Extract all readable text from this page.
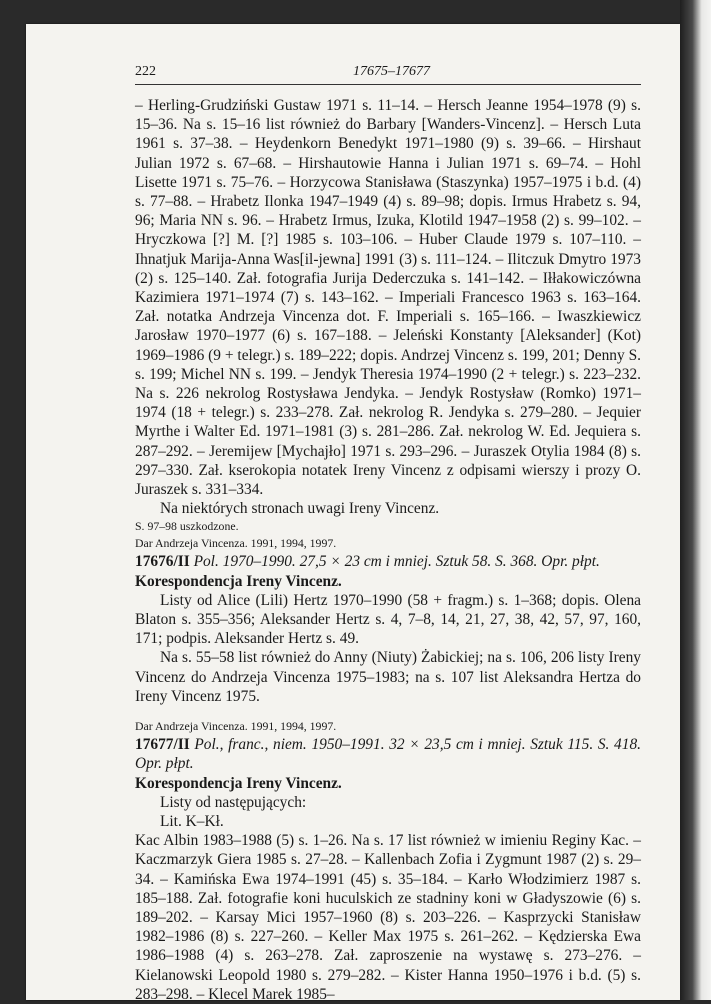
222	17675–17677

– Herling-Grudziński Gustaw 1971 s. 11–14. – Hersch Jeanne 1954–1978 (9) s. 15–36. Na s. 15–16 list również do Barbary [Wanders-Vincenz]. – Hersch Luta 1961 s. 37–38. – Heydenkorn Benedykt 1971–1980 (9) s. 39–66. – Hirshaut Julian 1972 s. 67–68. – Hirshautowie Hanna i Julian 1971 s. 69–74. – Hohl Lisette 1971 s. 75–76. – Horzycowa Stanisława (Staszynka) 1957–1975 i b.d. (4) s. 77–88. – Hrabetz Ilonka 1947–1949 (4) s. 89–98; dopis. Irmus Hrabetz s. 94, 96; Maria NN s. 96. – Hrabetz Irmus, Izuka, Klotild 1947–1958 (2) s. 99–102. – Hryczkowa [?] M. [?] 1985 s. 103–106. – Huber Claude 1979 s. 107–110. – Ihnatjuk Marija-Anna Was[il-jewna] 1991 (3) s. 111–124. – Ilitczuk Dmytro 1973 (2) s. 125–140. Zał. fotografia Jurija Dederczuka s. 141–142. – Iłłakowiczówna Kazimiera 1971–1974 (7) s. 143–162. – Imperiali Francesco 1963 s. 163–164. Zał. notatka Andrzeja Vincenza dot. F. Imperiali s. 165–166. – Iwaszkiewicz Jarosław 1970–1977 (6) s. 167–188. – Jeleński Konstanty [Aleksander] (Kot) 1969–1986 (9 + telegr.) s. 189–222; dopis. Andrzej Vincenz s. 199, 201; Denny S. s. 199; Michel NN s. 199. – Jendyk Theresia 1974–1990 (2 + telegr.) s. 223–232. Na s. 226 nekrolog Rostysława Jendyka. – Jendyk Rostysław (Romko) 1971–1974 (18 + telegr.) s. 233–278. Zał. nekrolog R. Jendyka s. 279–280. – Jequier Myrthe i Walter Ed. 1971–1981 (3) s. 281–286. Zał. nekrolog W. Ed. Jequiera s. 287–292. – Jeremijew [Mychajło] 1971 s. 293–296. – Juraszek Otylia 1984 (8) s. 297–330. Zał. kserokopia notatek Ireny Vincenz z odpisami wierszy i prozy O. Juraszek s. 331–334.

Na niektórych stronach uwagi Ireny Vincenz.

S. 97–98 uszkodzone.

Dar Andrzeja Vincenza. 1991, 1994, 1997.

17676/II Pol. 1970–1990. 27,5 × 23 cm i mniej. Sztuk 58. S. 368. Opr. płpt.

Korespondencja Ireny Vincenz.

Listy od Alice (Lili) Hertz 1970–1990 (58 + fragm.) s. 1–368; dopis. Olena Blaton s. 355–356; Aleksander Hertz s. 4, 7–8, 14, 21, 27, 38, 42, 57, 97, 160, 171; podpis. Aleksander Hertz s. 49.

Na s. 55–58 list również do Anny (Niuty) Żabickiej; na s. 106, 206 listy Ireny Vincenz do Andrzeja Vincenza 1975–1983; na s. 107 list Aleksandra Hertza do Ireny Vincenz 1975.

Dar Andrzeja Vincenza. 1991, 1994, 1997.

17677/II Pol., franc., niem. 1950–1991. 32 × 23,5 cm i mniej. Sztuk 115. S. 418. Opr. płpt.

Korespondencja Ireny Vincenz.

Listy od następujących:

Lit. K–Kł.

Kac Albin 1983–1988 (5) s. 1–26. Na s. 17 list również w imieniu Reginy Kac. – Kaczmarzyk Giera 1985 s. 27–28. – Kallenbach Zofia i Zygmunt 1987 (2) s. 29–34. – Kamińska Ewa 1974–1991 (45) s. 35–184. – Karło Włodzimierz 1987 s. 185–188. Zał. fotografie koni huculskich ze stadniny koni w Gładyszowie (6) s. 189–202. – Karsay Mici 1957–1960 (8) s. 203–226. – Kasprzycki Stanisław 1982–1986 (8) s. 227–260. – Keller Max 1975 s. 261–262. – Kędzierska Ewa 1986–1988 (4) s. 263–278. Zał. zaproszenie na wystawę s. 273–276. – Kielanowski Leopold 1980 s. 279–282. – Kister Hanna 1950–1976 i b.d. (5) s. 283–298. – Klecel Marek 1985–
